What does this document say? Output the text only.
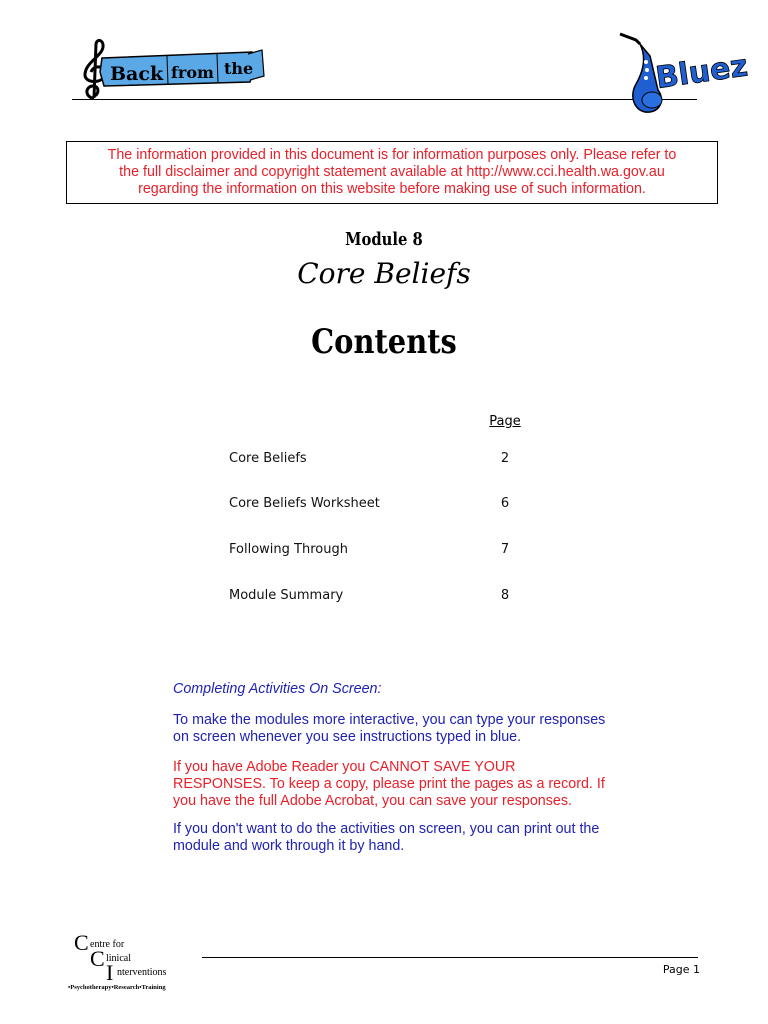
Back from the	Bluez
The information provided in this document is for information purposes only. Please refer to
the full disclaimer and copyright statement available at http://www.cci.health.wa.gov.au
regarding the information on this website before making use of such information.
Module 8
Core Beliefs
Contents
Page
Core Beliefs	2
Core Beliefs Worksheet	6
Following Through	7
Module Summary	8
Completing Activities On Screen:
To make the modules more interactive, you can type your responses
on screen whenever you see instructions typed in blue.
If you have Adobe Reader you CANNOT SAVE YOUR
RESPONSES. To keep a copy, please print the pages as a record. If
you have the full Adobe Acrobat, you can save your responses.
If you don't want to do the activities on screen, you can print out the
module and work through it by hand.
C entre for
C linical
I nterventions
•Psychotherapy•Research•Training
Page 1
